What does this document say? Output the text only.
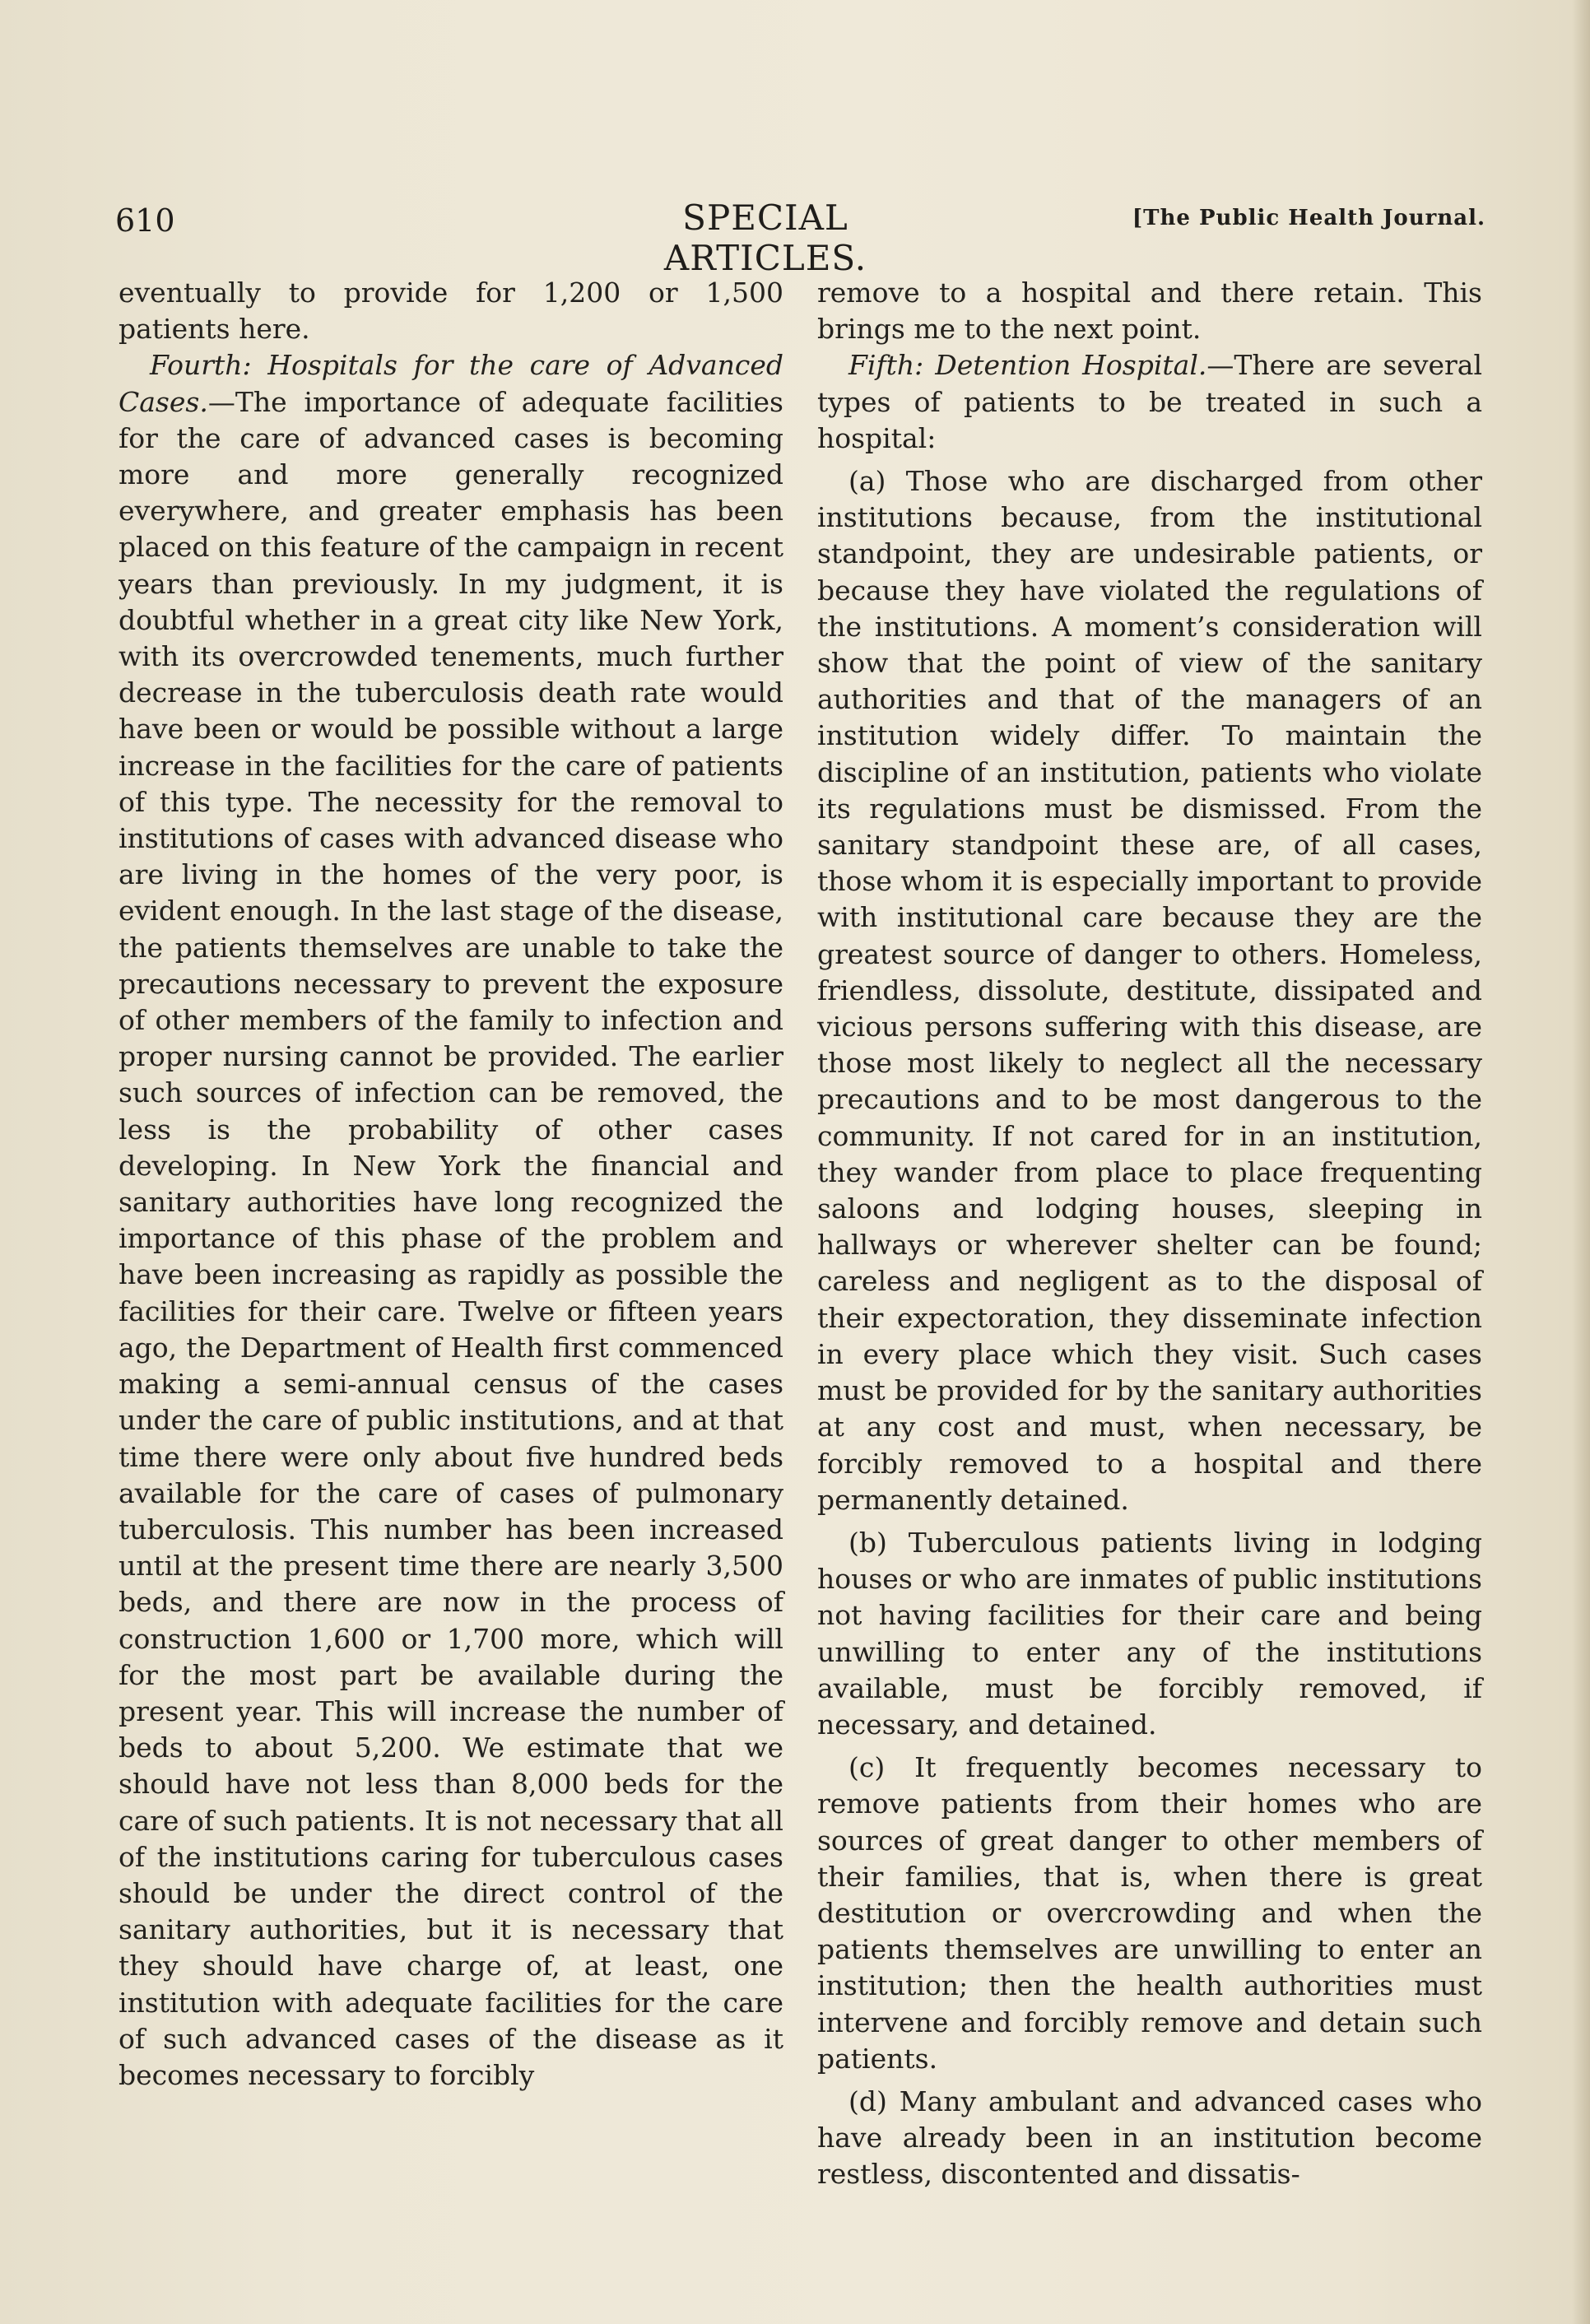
610	SPECIAL ARTICLES.
[The Public Health Journal.

eventually to provide for 1,200 or 1,500 patients here.

Fourth: Hospitals for the care of Advanced Cases.—The importance of adequate facilities for the care of advanced cases is becoming more and more generally recognized everywhere, and greater emphasis has been placed on this feature of the campaign in recent years than previously. In my judgment, it is doubtful whether in a great city like New York, with its overcrowded tenements, much further decrease in the tuberculosis death rate would have been or would be possible without a large increase in the facilities for the care of patients of this type. The necessity for the removal to institutions of cases with advanced disease who are living in the homes of the very poor, is evident enough. In the last stage of the disease, the patients themselves are unable to take the precautions necessary to prevent the exposure of other members of the family to infection and proper nursing cannot be provided. The earlier such sources of infection can be removed, the less is the probability of other cases developing. In New York the financial and sanitary authorities have long recognized the importance of this phase of the problem and have been increasing as rapidly as possible the facilities for their care. Twelve or fifteen years ago, the Department of Health first commenced making a semi-annual census of the cases under the care of public institutions, and at that time there were only about five hundred beds available for the care of cases of pulmonary tuberculosis. This number has been increased until at the present time there are nearly 3,500 beds, and there are now in the process of construction 1,600 or 1,700 more, which will for the most part be available during the present year. This will increase the number of beds to about 5,200. We estimate that we should have not less than 8,000 beds for the care of such patients. It is not necessary that all of the institutions caring for tuberculous cases should be under the direct control of the sanitary authorities, but it is necessary that they should have charge of, at least, one institution with adequate facilities for the care of such advanced cases of the disease as it becomes necessary to forcibly

remove to a hospital and there retain. This brings me to the next point.

Fifth: Detention Hospital.—There are several types of patients to be treated in such a hospital:

(a) Those who are discharged from other institutions because, from the institutional standpoint, they are undesirable patients, or because they have violated the regulations of the institutions. A moment’s consideration will show that the point of view of the sanitary authorities and that of the managers of an institution widely differ. To maintain the discipline of an institution, patients who violate its regulations must be dismissed. From the sanitary standpoint these are, of all cases, those whom it is especially important to provide with institutional care because they are the greatest source of danger to others. Homeless, friendless, dissolute, destitute, dissipated and vicious persons suffering with this disease, are those most likely to neglect all the necessary precautions and to be most dangerous to the community. If not cared for in an institution, they wander from place to place frequenting saloons and lodging houses, sleeping in hallways or wherever shelter can be found; careless and negligent as to the disposal of their expectoration, they disseminate infection in every place which they visit. Such cases must be provided for by the sanitary authorities at any cost and must, when necessary, be forcibly removed to a hospital and there permanently detained.

(b) Tuberculous patients living in lodging houses or who are inmates of public institutions not having facilities for their care and being unwilling to enter any of the institutions available, must be forcibly removed, if necessary, and detained.

(c) It frequently becomes necessary to remove patients from their homes who are sources of great danger to other members of their families, that is, when there is great destitution or overcrowding and when the patients themselves are unwilling to enter an institution; then the health authorities must intervene and forcibly remove and detain such patients.

(d) Many ambulant and advanced cases who have already been in an institution become restless, discontented and dissatis-
